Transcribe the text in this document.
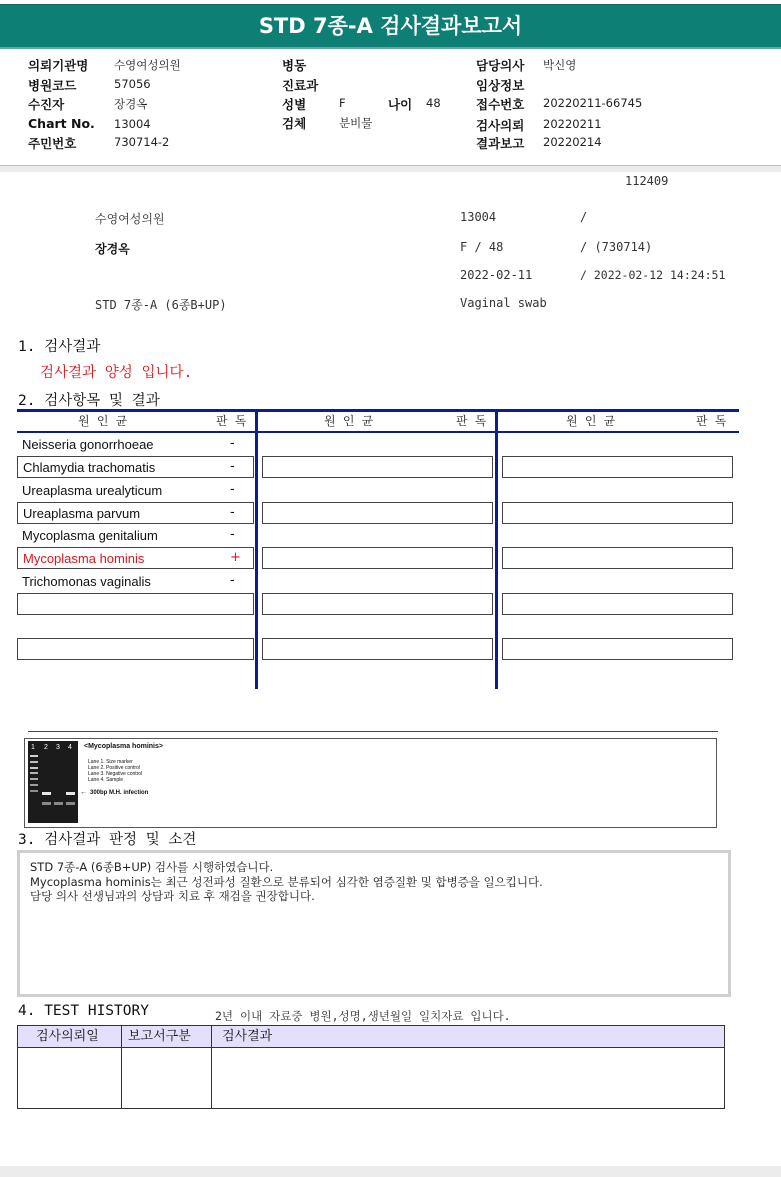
STD 7종-A 검사결과보고서
의뢰기관명 수영여성의원
병원코드	57056
수진자	장경옥
Chart No. 13004
주민번호	730714-2
병동
진료과
성별	F	나이 48
검체	분비물
담당의사 박신영
임상정보
접수번호 20220211-66745
검사의뢰 20220211
결과보고 20220214
112409
수영여성의원	13004	/
장경옥	F / 48	/ (730714)
2022-02-11	/ 2022-02-12 14:24:51
STD 7종-A (6종B+UP)	Vaginal swab
1. 검사결과
검사결과 양성 입니다.
2. 검사항목 및 결과
원 인 균	판 독	원 인 균	판 독	원 인 균	판 독
Neisseria gonorrhoeae	-
Chlamydia trachomatis	-
Ureaplasma urealyticum	-
Ureaplasma parvum	-
Mycoplasma genitalium	-
Mycoplasma hominis	+
Trichomonas vaginalis	-
1 2 3 4 <Mycoplasma hominis>
Lane 1. Size marker
Lane 2. Positive control
Lane 3. Negative control
Lane 4. Sample
← 300bp M.H. infection
3. 검사결과 판정 및 소견
STD 7종-A (6종B+UP) 검사를 시행하였습니다.
Mycoplasma hominis는 최근 성전파성 질환으로 분류되어 심각한 염증질환 및 합병증을 일으킵니다.
담당 의사 선생님과의 상담과 치료 후 재검을 권장합니다.
4. TEST HISTORY	2년 이내 자료중 병원,성명,생년월일 일치자료 입니다.
검사의뢰일 보고서구분 검사결과
